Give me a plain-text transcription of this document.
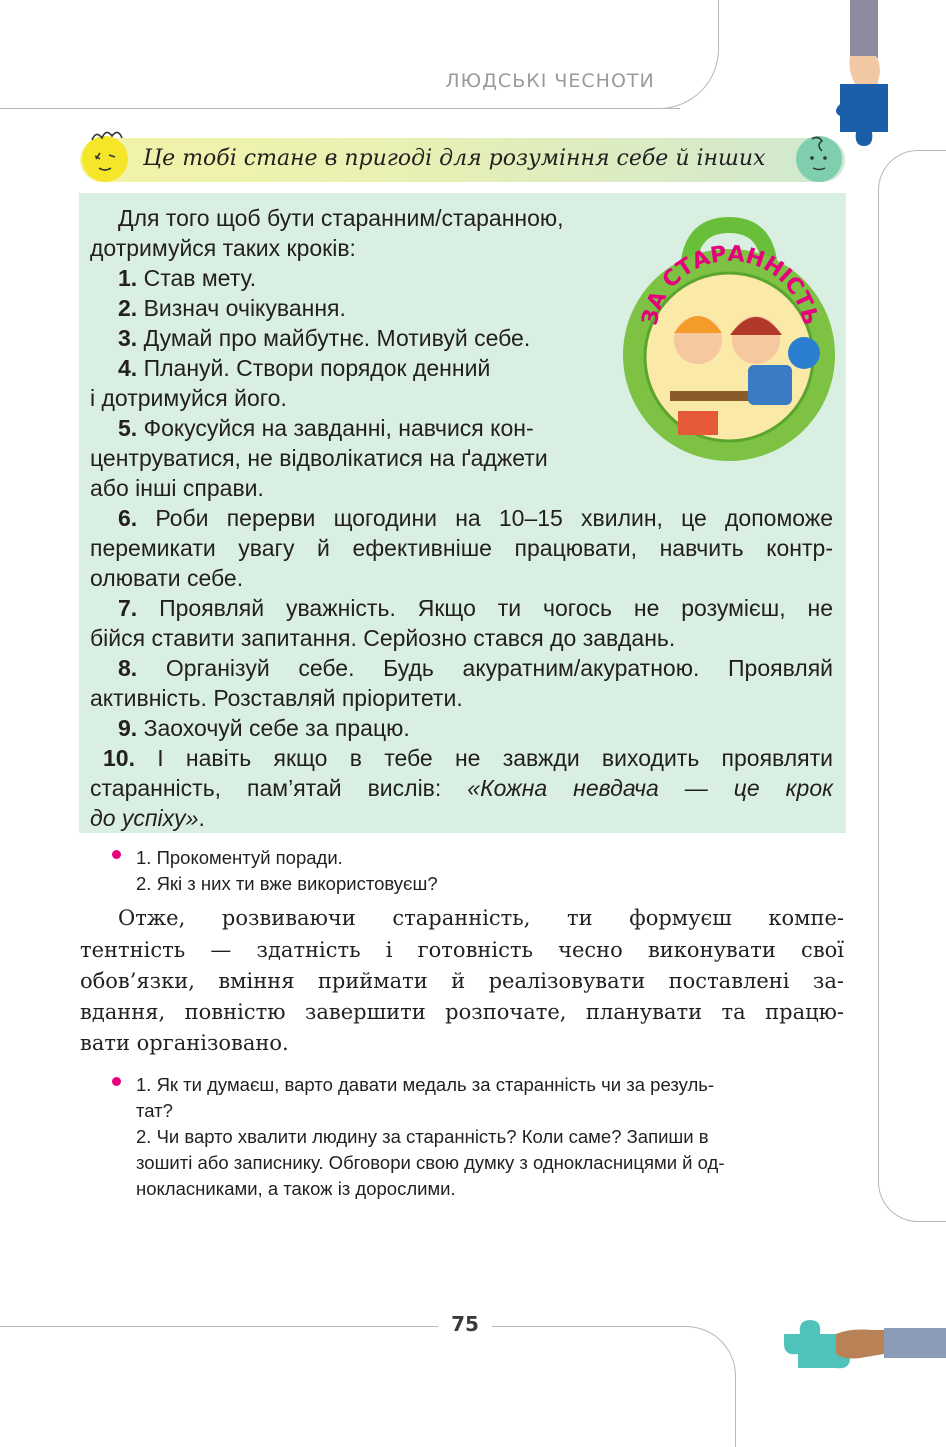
ЛЮДСЬКІ ЧЕСНОТИ
Це тобі стане в пригоді для розуміння себе й інших
ЗА СТАРАННІСТЬ
Для того щоб бути старанним/старанною,
дотримуйся таких кроків:
1. Став мету.
2. Визнач очікування.
3. Думай про майбутнє. Мотивуй себе.
4. Плануй. Створи порядок денний
і дотримуйся його.
5. Фокусуйся на завданні, навчися кон-
центруватися, не відволікатися на ґаджети
або інші справи.
6. Роби перерви щогодини на 10–15 хвилин, це допоможе
перемикати увагу й ефективніше працювати, навчить контр-
олювати себе.
7. Проявляй уважність. Якщо ти чогось не розумієш, не
бійся ставити запитання. Серйозно стався до завдань.
8. Організуй себе. Будь акуратним/акуратною. Проявляй
активність. Розставляй пріоритети.
9. Заохочуй себе за працю.
10. І навіть якщо в тебе не завжди виходить проявляти
старанність, пам’ятай вислів: «Кожна невдача — це крок
до успіху».
1. Прокоментуй поради.
2. Які з них ти вже використовуєш?
Отже, розвиваючи старанність, ти формуєш компе-
тентність — здатність і готовність чесно виконувати свої
обов’язки, вміння приймати й реалізовувати поставлені за-
вдання, повністю завершити розпочате, планувати та працю-
вати організовано.
1. Як ти думаєш, варто давати медаль за старанність чи за резуль-
тат?
2. Чи варто хвалити людину за старанність? Коли саме? Запиши в
зошиті або записнику. Обговори свою думку з однокласницями й од-
нокласниками, а також із дорослими.
75
